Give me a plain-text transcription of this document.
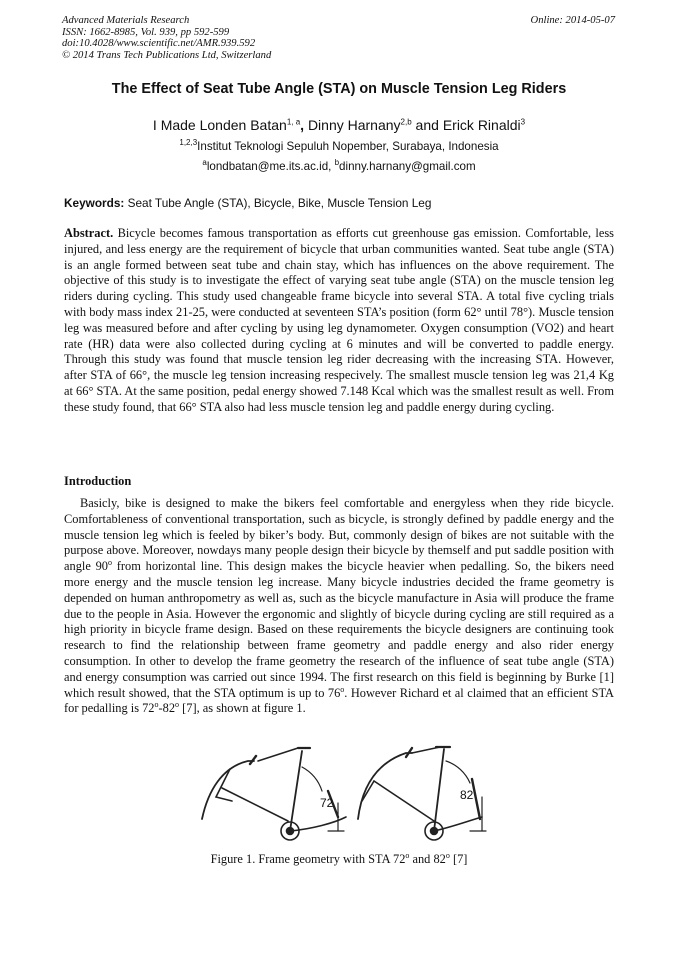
Advanced Materials Research
ISSN: 1662-8985, Vol. 939, pp 592-599
doi:10.4028/www.scientific.net/AMR.939.592
© 2014 Trans Tech Publications Ltd, Switzerland
Online: 2014-05-07
The Effect of Seat Tube Angle (STA) on Muscle Tension Leg Riders
I Made Londen Batan$^{1, a}$, Dinny Harnany$^{2,b}$ and Erick Rinaldi$^3$
$^{1,2,3}$Institut Teknologi Sepuluh Nopember, Surabaya, Indonesia
$^a$londbatan@me.its.ac.id, $^b$dinny.harnany@gmail.com
Keywords: Seat Tube Angle (STA), Bicycle, Bike, Muscle Tension Leg
Abstract. Bicycle becomes famous transportation as efforts cut greenhouse gas emission. Comfortable, less injured, and less energy are the requirement of bicycle that urban communities wanted. Seat tube angle (STA) is an angle formed between seat tube and chain stay, which has influences on the above requirement. The objective of this study is to investigate the effect of varying seat tube angle (STA) on the muscle tension leg riders during cycling. This study used changeable frame bicycle into several STA. A total five cycling trials with body mass index 21-25, were conducted at seventeen STA’s position (form 62° until 78°). Muscle tension leg was measured before and after cycling by using leg dynamometer. Oxygen consumption (VO2) and heart rate (HR) data were also collected during cycling at 6 minutes and will be converted to paddle energy. Through this study was found that muscle tension leg rider decreasing with the increasing STA. However, after STA of 66°, the muscle leg tension increasing respecively. The smallest muscle tension leg was 21,4 Kg at 66° STA. At the same position, pedal energy showed 7.148 Kcal which was the smallest result as well. From these study found, that 66° STA also had less muscle tension leg and paddle energy during cycling.
Introduction
Basicly, bike is designed to make the bikers feel comfortable and energyless when they ride bicycle. Comfortableness of conventional transportation, such as bicycle, is strongly defined by paddle energy and the muscle tension leg which is feeled by biker’s body. But, commonly design of bikes are not suitable with the purpose above. Moreover, nowdays many people design their bicycle by themself and put saddle position with angle 90$^o$ from horizontal line. This design makes the bicycle heavier when pedalling. So, the bikers need more energy and the muscle tension leg increase. Many bicycle industries decided the frame geometry is depended on human anthropometry as well as, such as the bicycle manufacture in Asia will produce the frame due to the people in Asia. However the ergonomic and slightly of bicycle during cycling are still required as a high priority in bicycle frame design. Based on these requirements the bicycle designers are continuing took research to find the relationship between frame geometry and paddle energy and also rider energy consumption. In other to develop the frame geometry the research of the influence of seat tube angle (STA) and energy consumption was carried out since 1994. The first research on this field is beginning by Burke [1] which result showed, that the STA optimum is up to 76$^o$. However Richard et al claimed that an efficient STA for pedalling is 72$^o$-82$^o$ [7], as shown at figure 1.
72
82
Figure 1. Frame geometry with STA 72$^o$ and 82$^o$ [7]
